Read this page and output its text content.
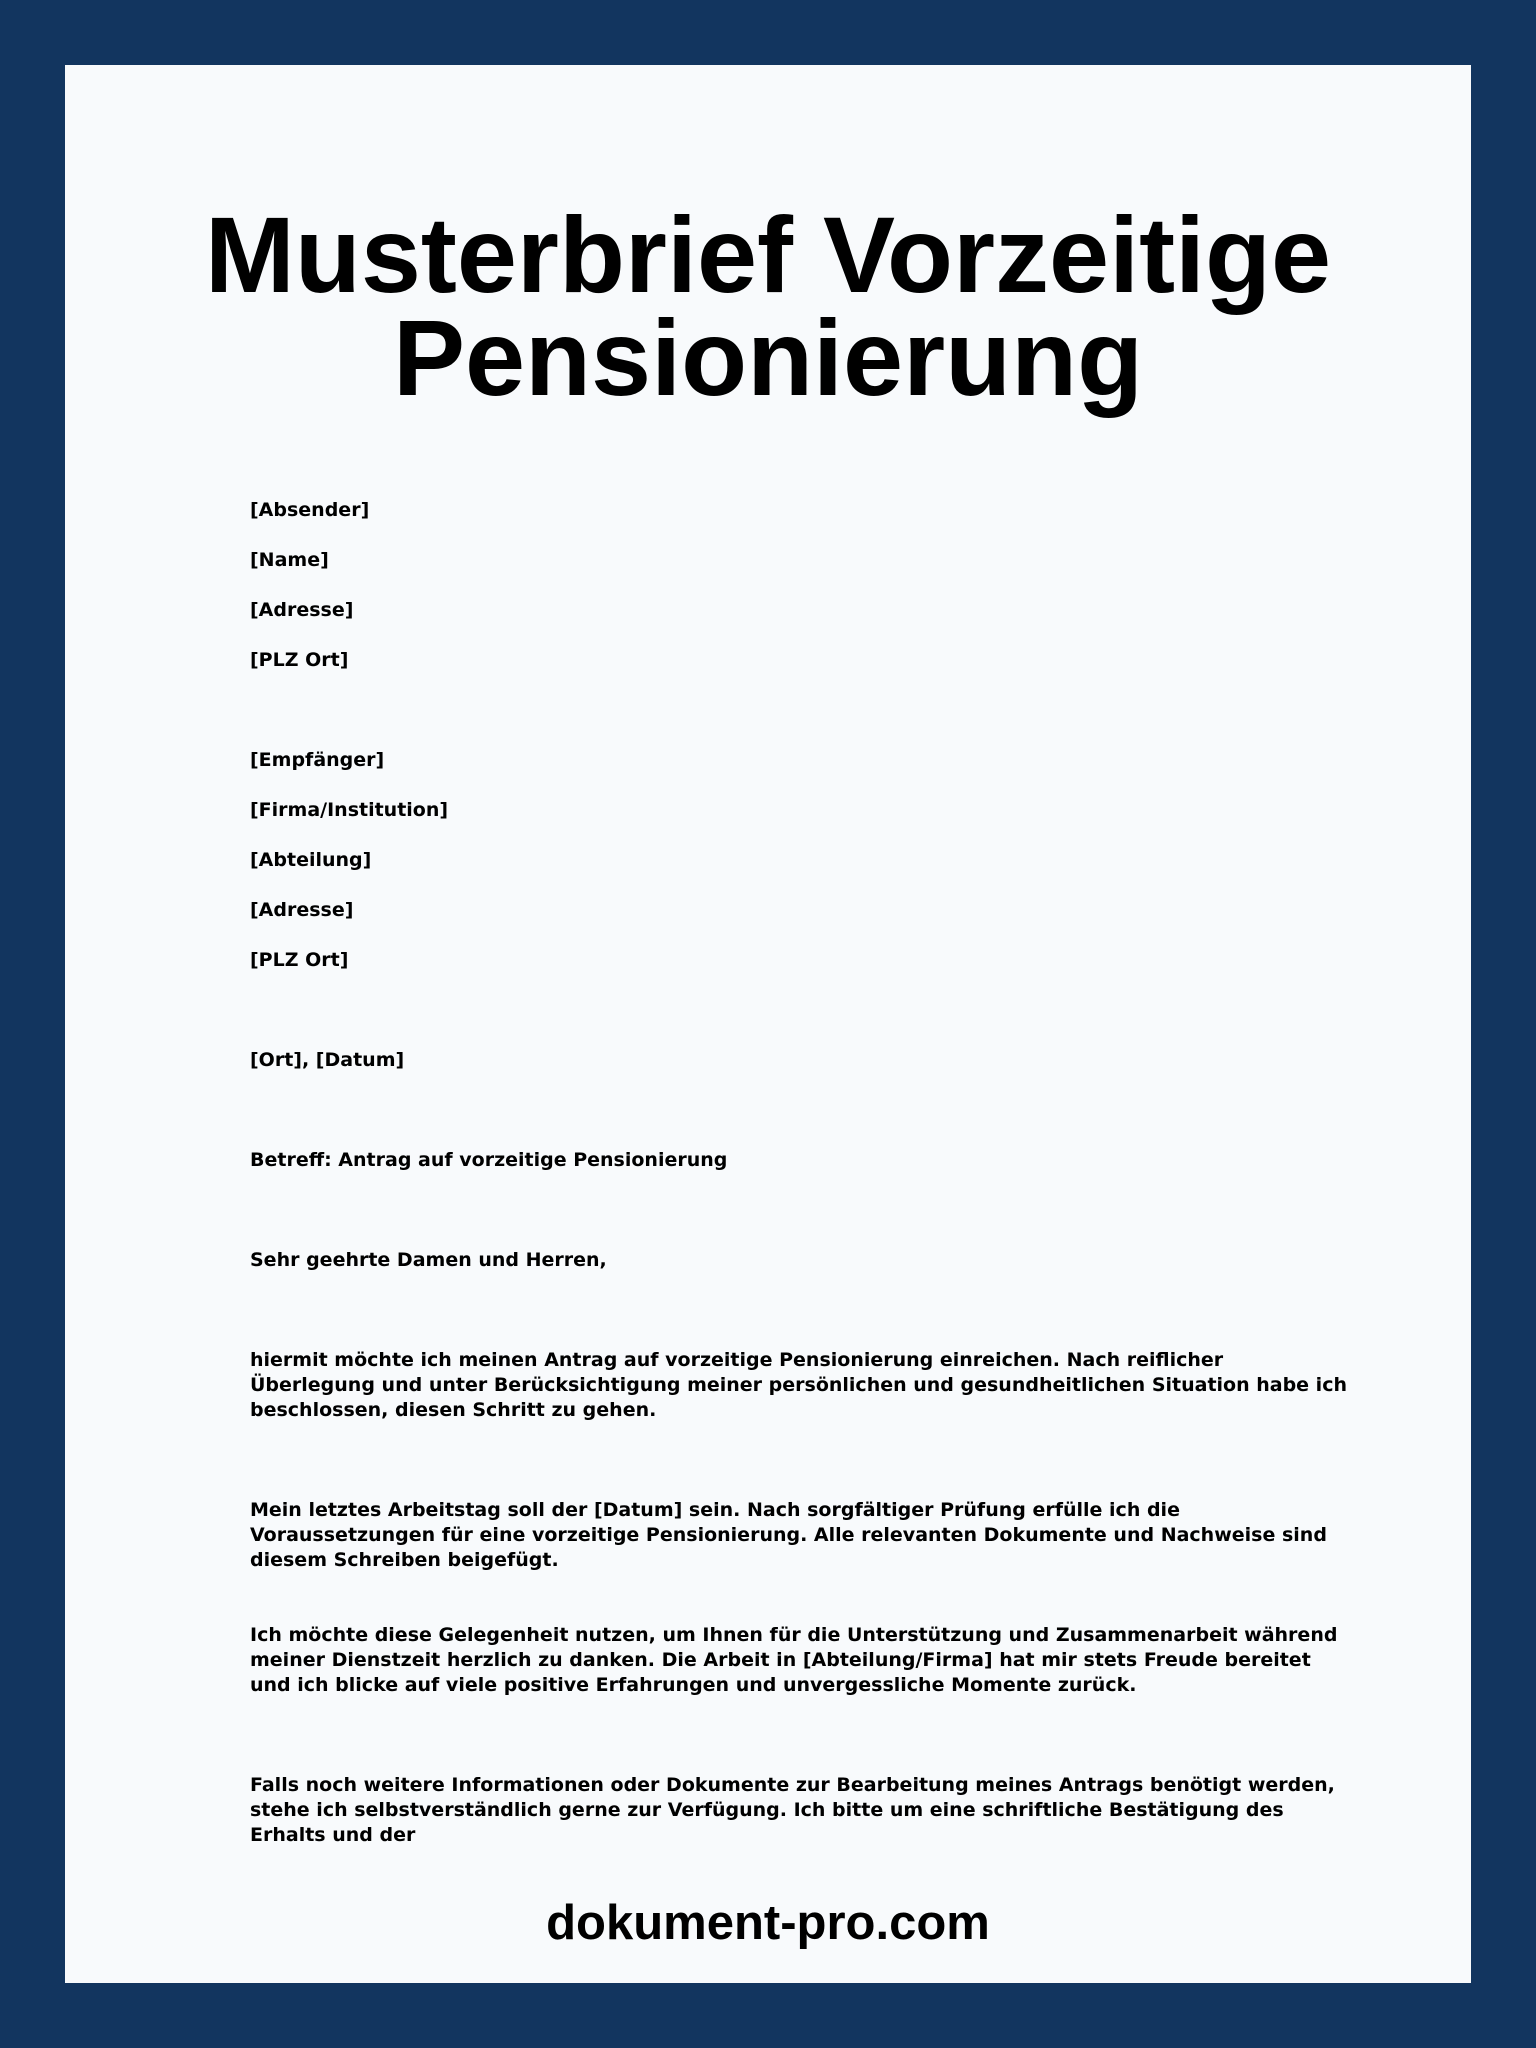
Musterbrief Vorzeitige
Pensionierung

[Absender]

[Name]

[Adresse]

[PLZ Ort]

[Empfänger]

[Firma/Institution]

[Abteilung]

[Adresse]

[PLZ Ort]

[Ort], [Datum]

Betreff: Antrag auf vorzeitige Pensionierung

Sehr geehrte Damen und Herren,

hiermit möchte ich meinen Antrag auf vorzeitige Pensionierung einreichen. Nach reiflicher Überlegung und unter Berücksichtigung meiner persönlichen und gesundheitlichen Situation habe ich beschlossen, diesen Schritt zu gehen.

Mein letztes Arbeitstag soll der [Datum] sein. Nach sorgfältiger Prüfung erfülle ich die Voraussetzungen für eine vorzeitige Pensionierung. Alle relevanten Dokumente und Nachweise sind diesem Schreiben beigefügt.

Ich möchte diese Gelegenheit nutzen, um Ihnen für die Unterstützung und Zusammenarbeit während meiner Dienstzeit herzlich zu danken. Die Arbeit in [Abteilung/Firma] hat mir stets Freude bereitet und ich blicke auf viele positive Erfahrungen und unvergessliche Momente zurück.

Falls noch weitere Informationen oder Dokumente zur Bearbeitung meines Antrags benötigt werden, stehe ich selbstverständlich gerne zur Verfügung. Ich bitte um eine schriftliche Bestätigung des Erhalts und der

dokument-pro.com
